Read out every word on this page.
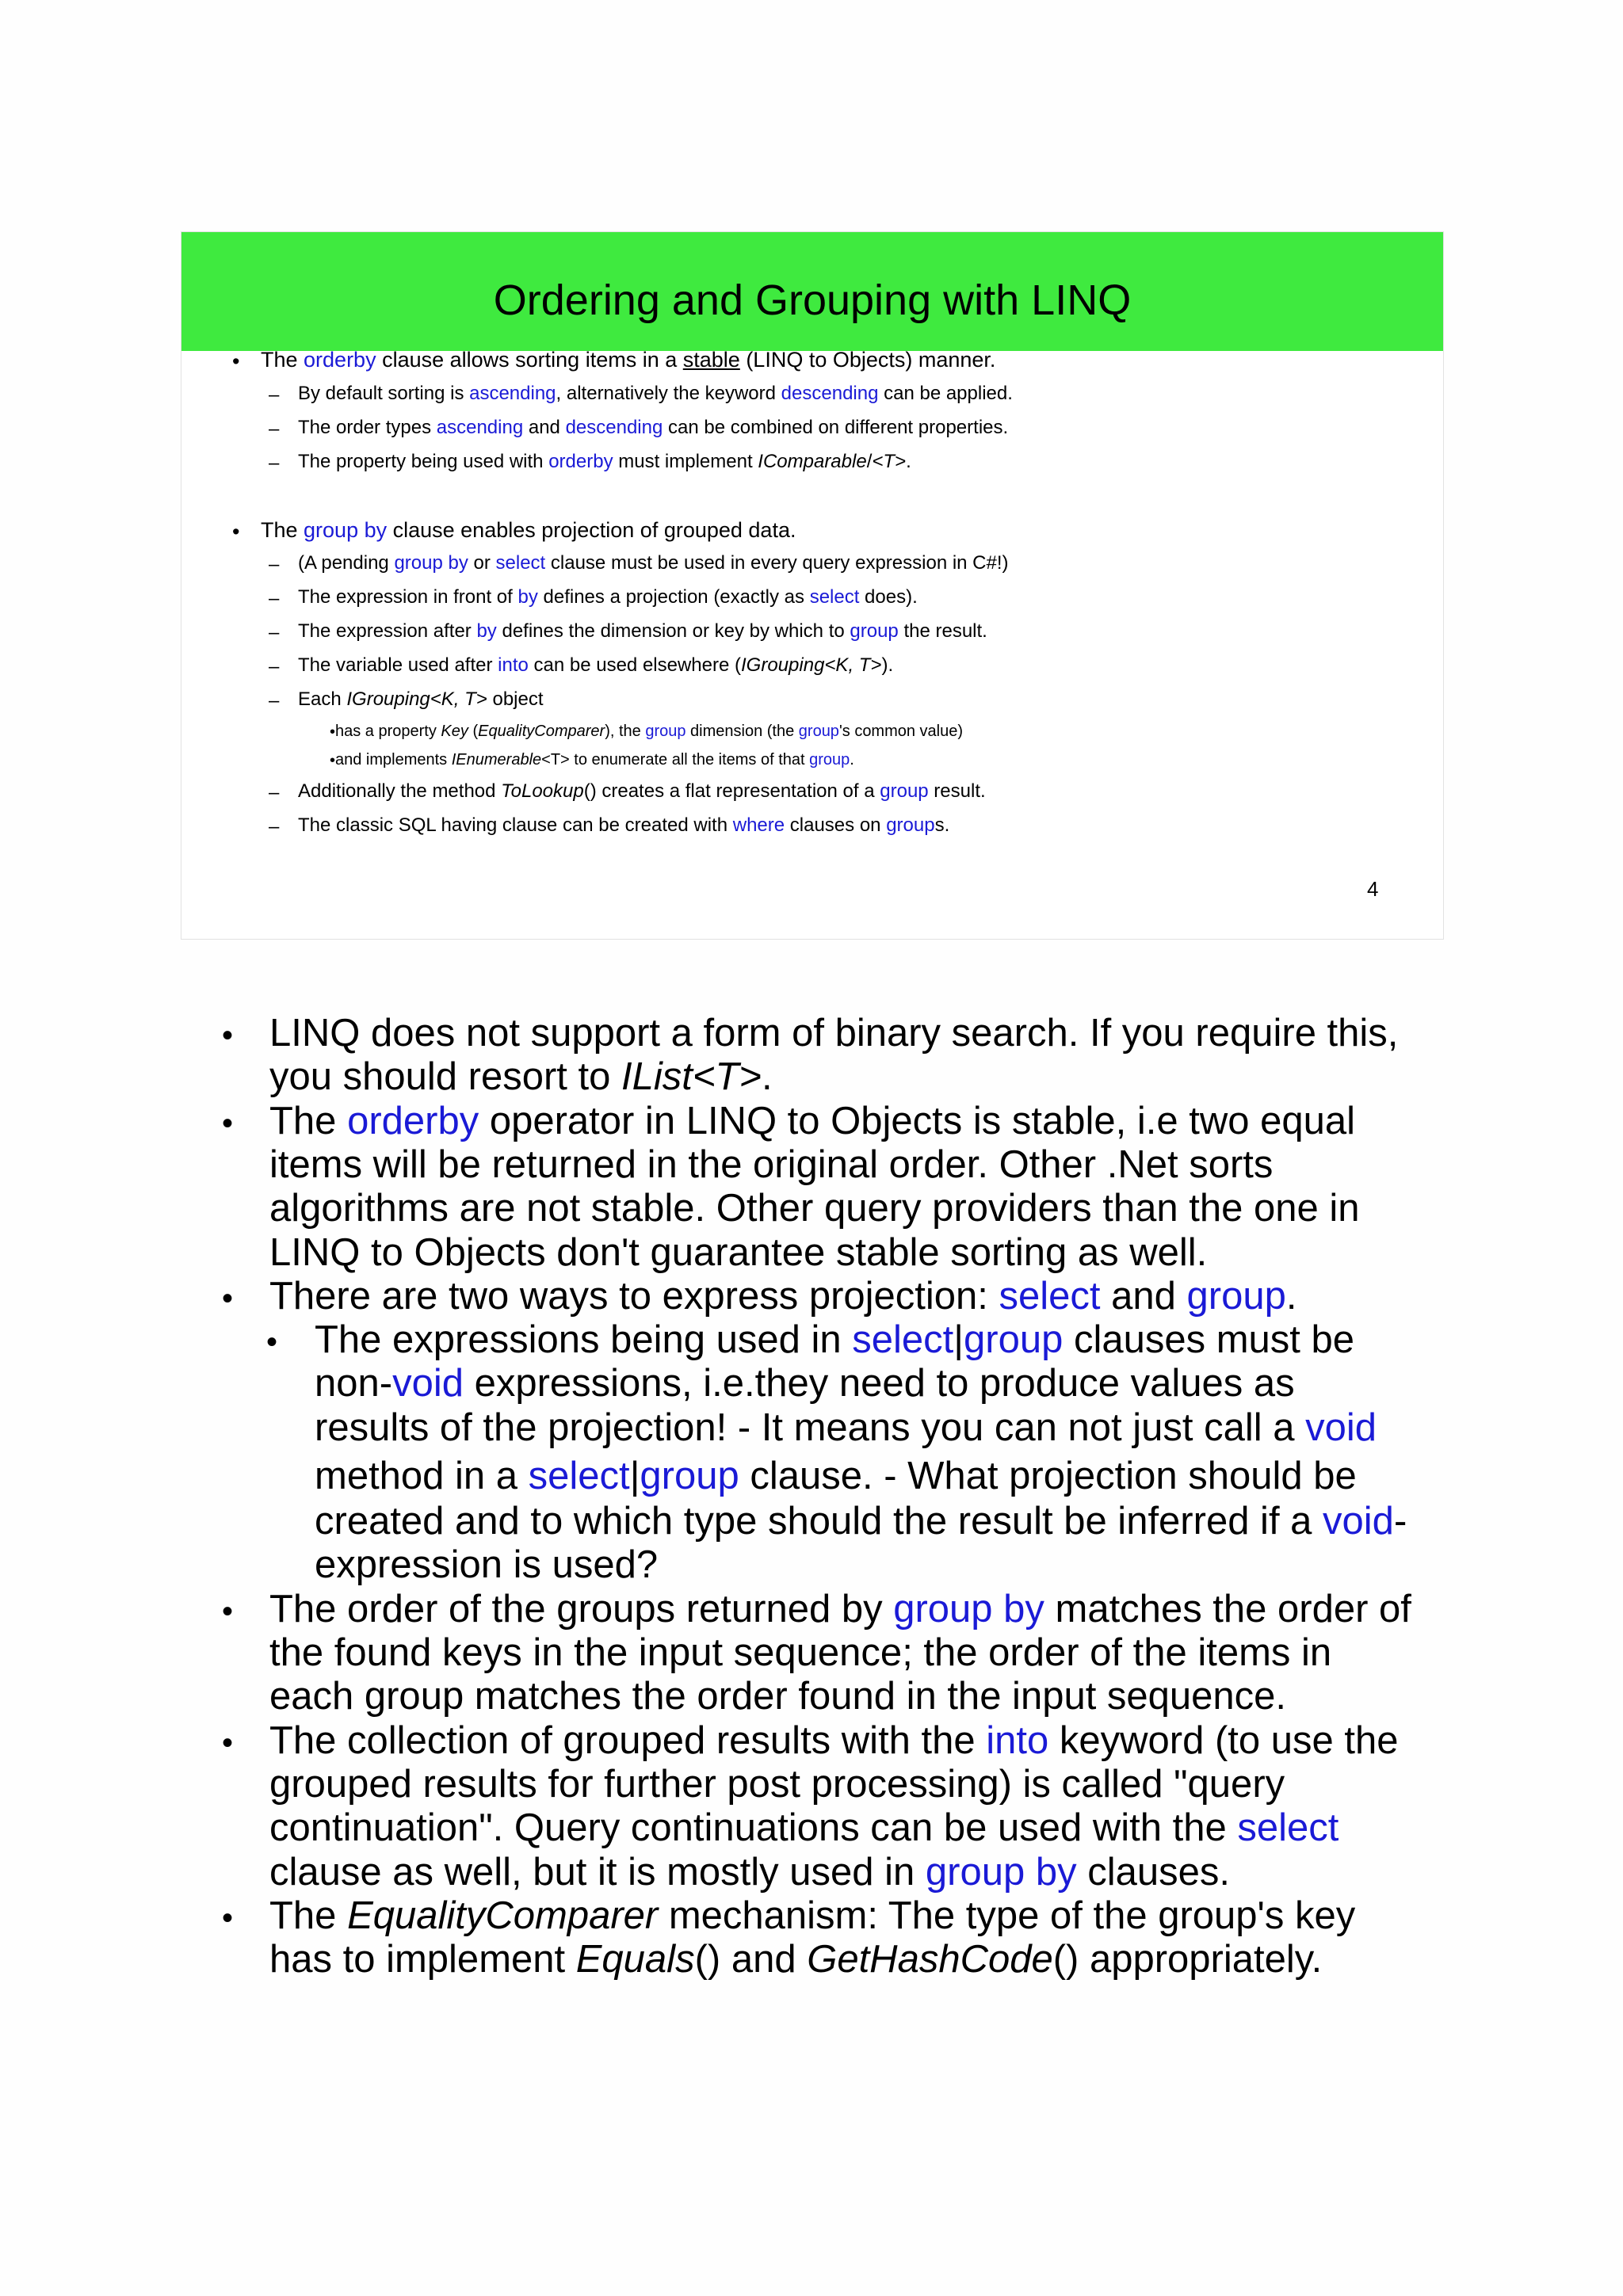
Ordering and Grouping with LINQ
• The orderby clause allows sorting items in a stable (LINQ to Objects) manner.
– By default sorting is ascending, alternatively the keyword descending can be applied.
– The order types ascending and descending can be combined on different properties.
– The property being used with orderby must implement IComparable/<T>.
• The group by clause enables projection of grouped data.
– (A pending group by or select clause must be used in every query expression in C#!)
– The expression in front of by defines a projection (exactly as select does).
– The expression after by defines the dimension or key by which to group the result.
– The variable used after into can be used elsewhere (IGrouping<K, T>).
– Each IGrouping<K, T> object
• has a property Key (EqualityComparer), the group dimension (the group's common value)
• and implements IEnumerable<T> to enumerate all the items of that group.
– Additionally the method ToLookup() creates a flat representation of a group result.
– The classic SQL having clause can be created with where clauses on groups.
4
•
•
•
•
•
•
•
LINQ does not support a form of binary search. If you require this,
you should resort to IList<T>.
The orderby operator in LINQ to Objects is stable, i.e two equal
items will be returned in the original order. Other .Net sorts
algorithms are not stable. Other query providers than the one in
LINQ to Objects don't guarantee stable sorting as well.
There are two ways to express projection: select and group.
The expressions being used in select|group clauses must be
non-void expressions, i.e.they need to produce values as
results of the projection! - It means you can not just call a void
method in a select|group clause. - What projection should be
created and to which type should the result be inferred if a void-
expression is used?
The order of the groups returned by group by matches the order of
the found keys in the input sequence; the order of the items in
each group matches the order found in the input sequence.
The collection of grouped results with the into keyword (to use the
grouped results for further post processing) is called "query
continuation". Query continuations can be used with the select
clause as well, but it is mostly used in group by clauses.
The EqualityComparer mechanism: The type of the group's key
has to implement Equals() and GetHashCode() appropriately.
